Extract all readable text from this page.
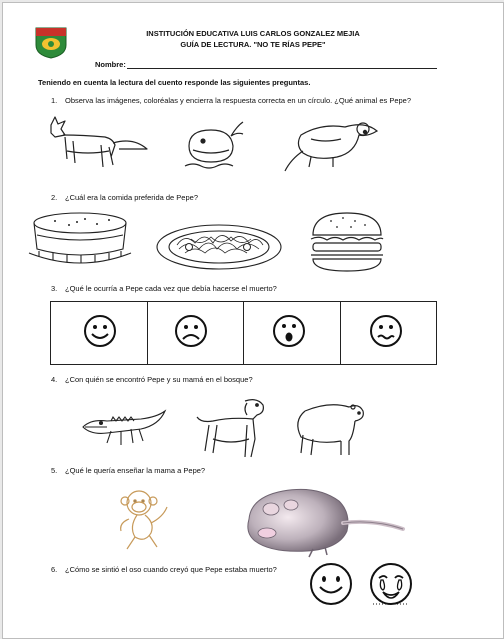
INSTITUCIÓN EDUCATIVA LUIS CARLOS GONZALEZ MEJIA
GUÍA DE LECTURA. "NO TE RÍAS PEPE"
Nombre:
Teniendo en cuenta la lectura del cuento responde las siguientes preguntas.
1. Observa las imágenes, coloréalas y encierra la respuesta correcta en un círculo. ¿Qué animal es Pepe?
2. ¿Cuál era la comida preferida de Pepe?
3. ¿Qué le ocurría a Pepe cada vez que debía hacerse el muerto?
4. ¿Con quién se encontró Pepe y su mamá en el bosque?
5. ¿Qué le quería enseñar la mama a Pepe?
6. ¿Cómo se sintió el oso cuando creyó que Pepe estaba muerto?
